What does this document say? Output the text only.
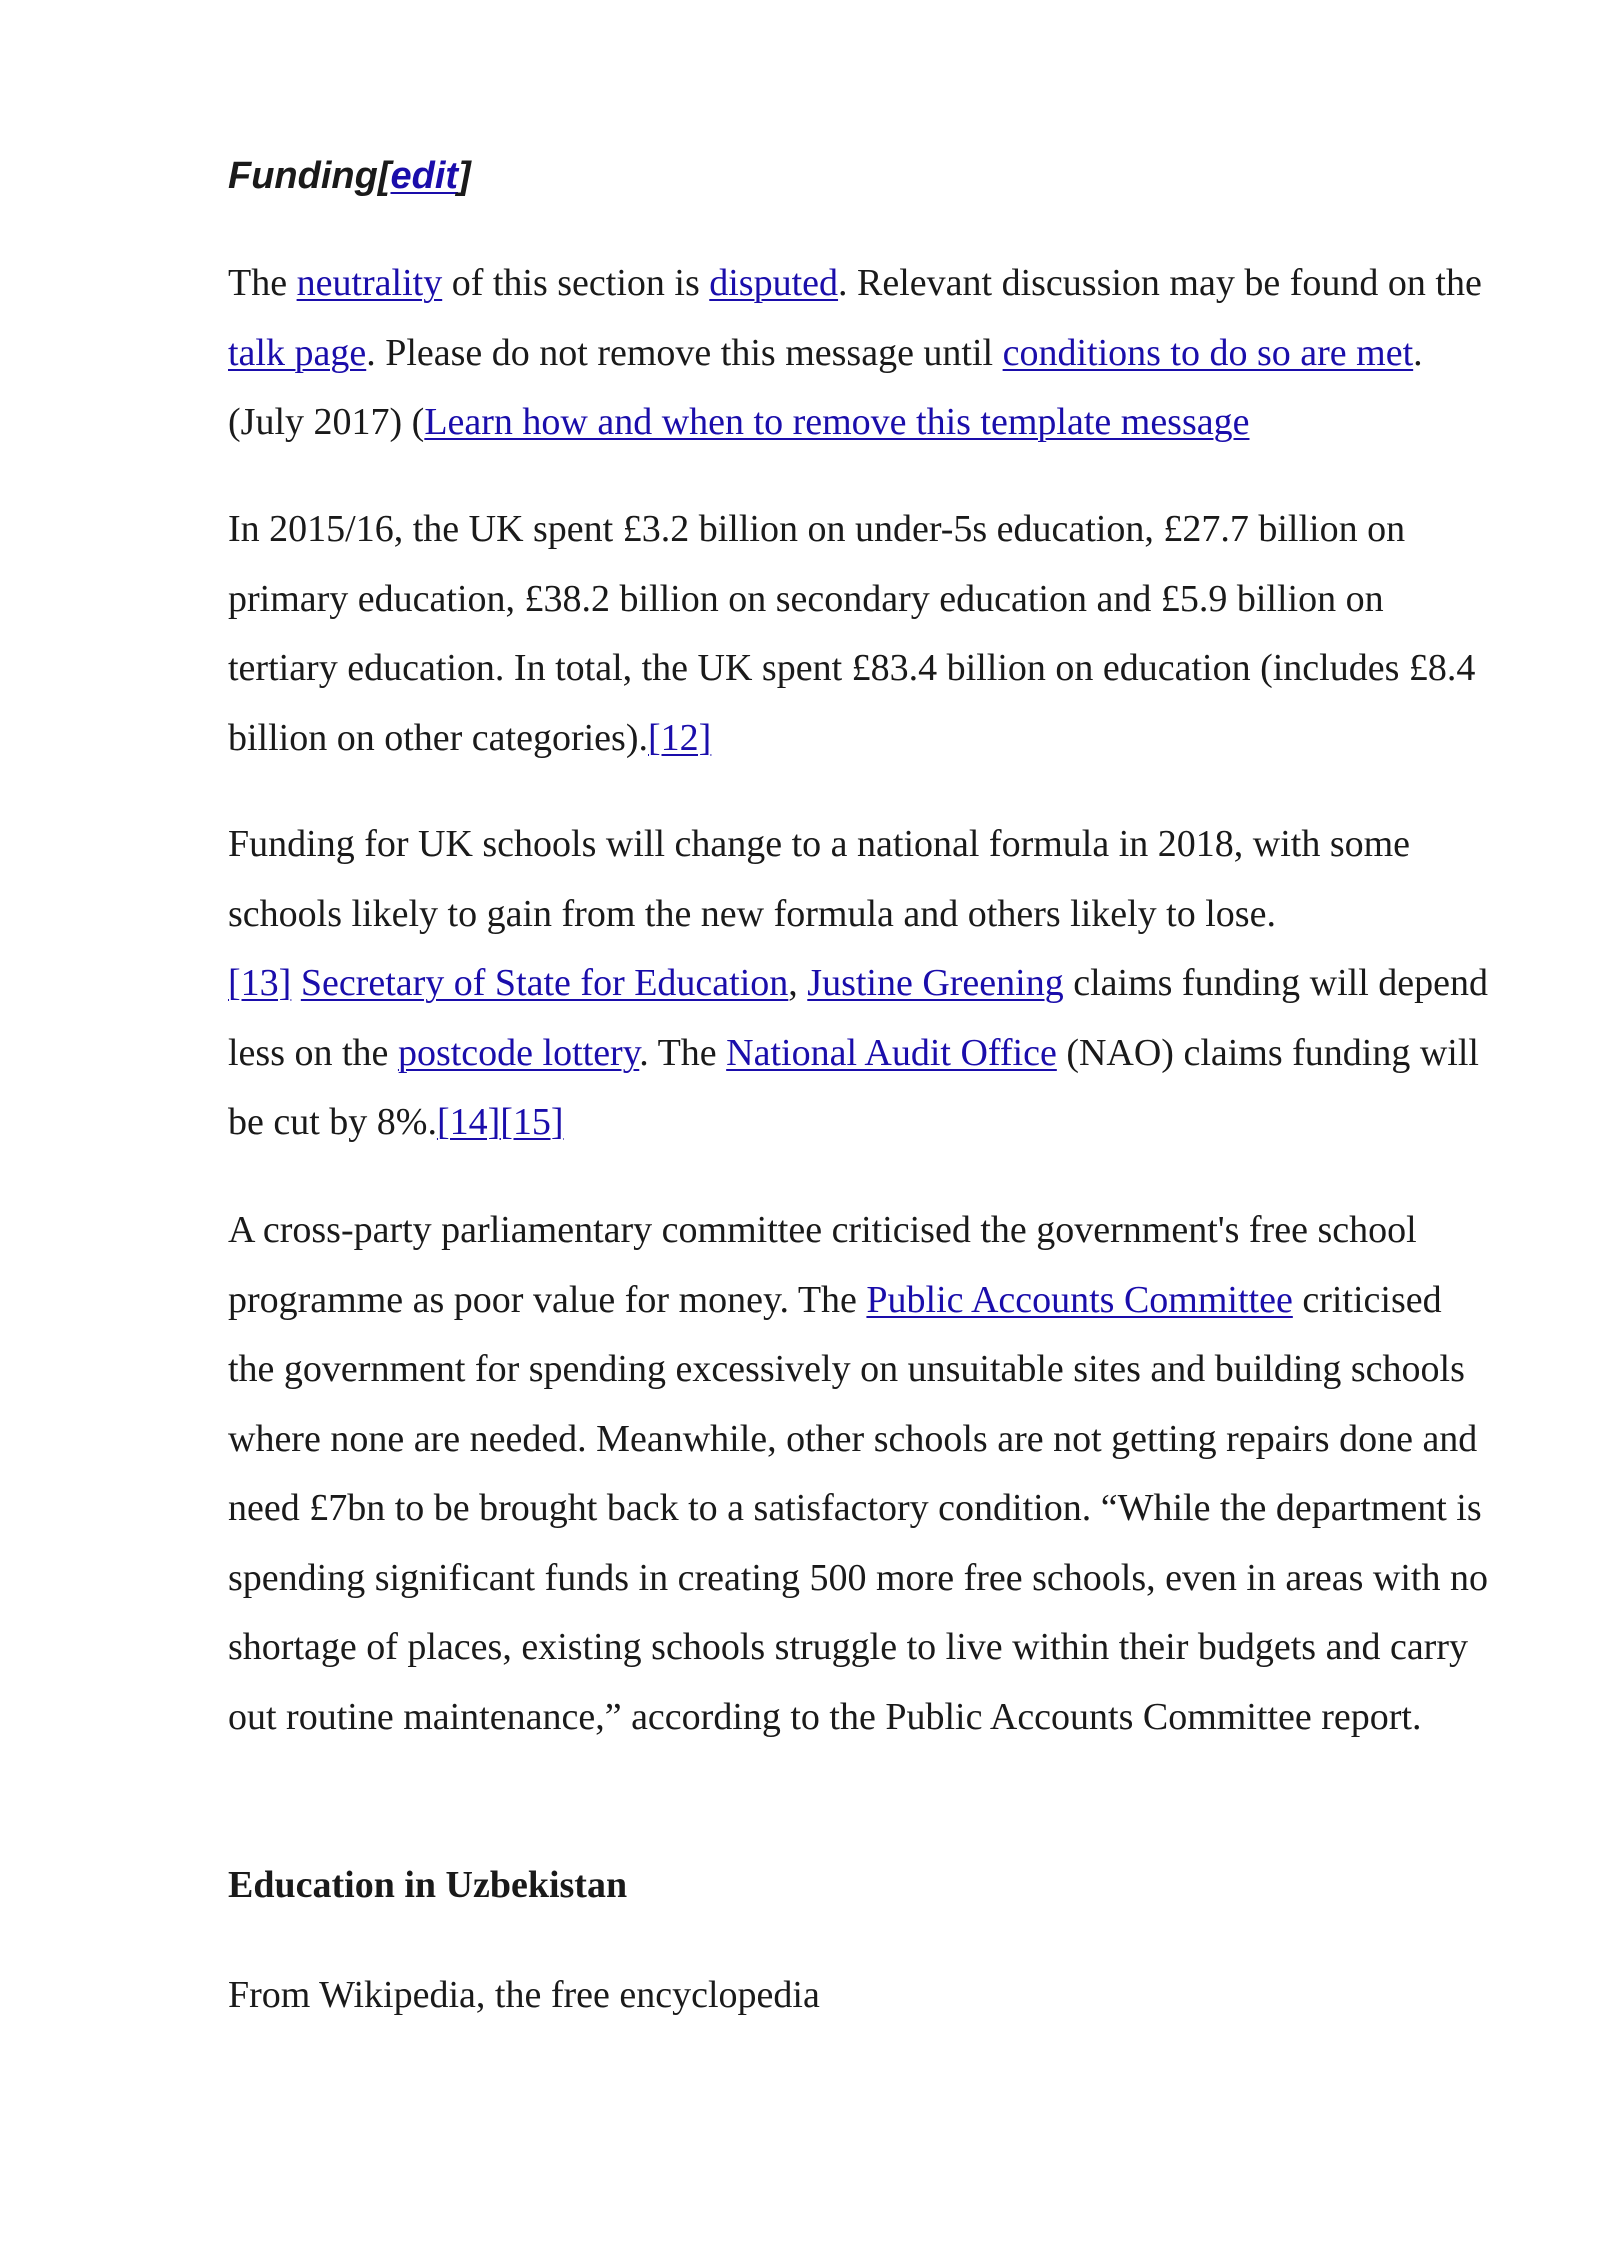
Funding[edit]

The neutrality of this section is disputed. Relevant discussion may be found on the talk page. Please do not remove this message until conditions to do so are met. (July 2017) (Learn how and when to remove this template message

In 2015/16, the UK spent £3.2 billion on under-5s education, £27.7 billion on primary education, £38.2 billion on secondary education and £5.9 billion on tertiary education. In total, the UK spent £83.4 billion on education (includes £8.4 billion on other categories).[12]

Funding for UK schools will change to a national formula in 2018, with some schools likely to gain from the new formula and others likely to lose.
[13] Secretary of State for Education, Justine Greening claims funding will depend less on the postcode lottery. The National Audit Office (NAO) claims funding will be cut by 8%.[14][15]

A cross-party parliamentary committee criticised the government's free school programme as poor value for money. The Public Accounts Committee criticised the government for spending excessively on unsuitable sites and building schools where none are needed. Meanwhile, other schools are not getting repairs done and need £7bn to be brought back to a satisfactory condition. “While the department is spending significant funds in creating 500 more free schools, even in areas with no shortage of places, existing schools struggle to live within their budgets and carry out routine maintenance,” according to the Public Accounts Committee report.

Education in Uzbekistan
From Wikipedia, the free encyclopedia
